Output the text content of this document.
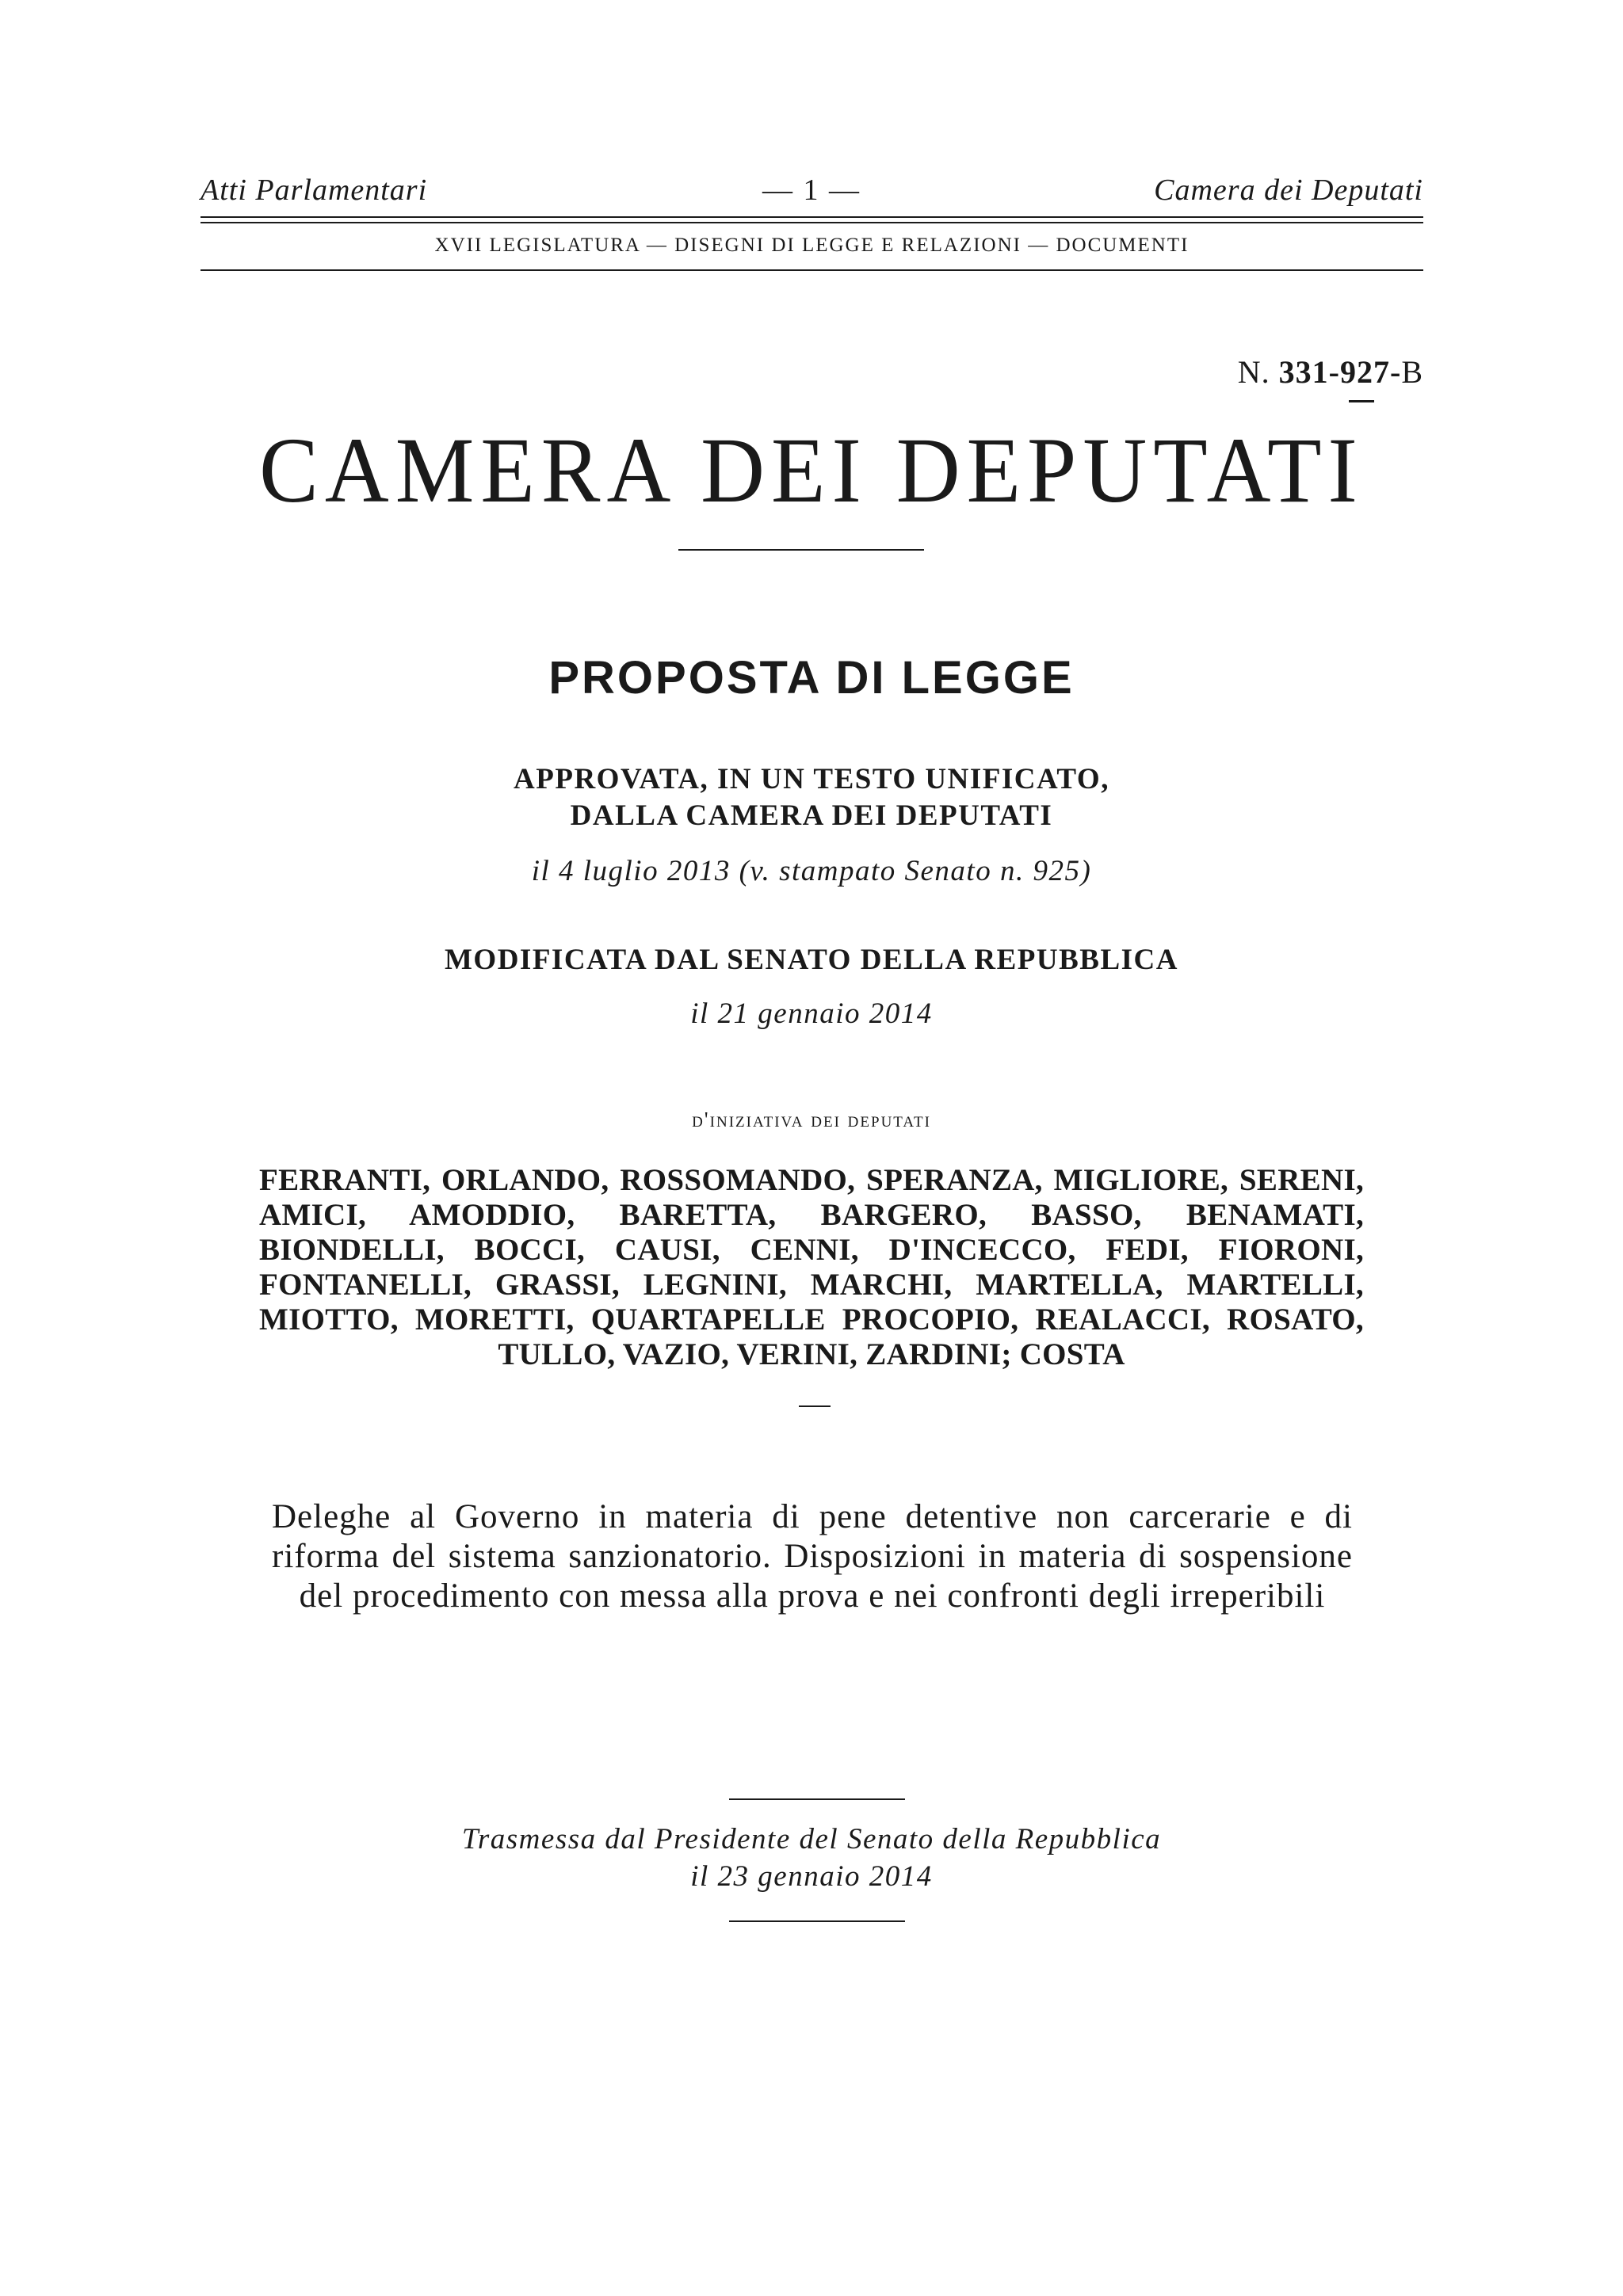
Atti Parlamentari	— 1 —	Camera dei Deputati
XVII LEGISLATURA — DISEGNI DI LEGGE E RELAZIONI — DOCUMENTI
N. 331-927-B
CAMERA DEI DEPUTATI
PROPOSTA DI LEGGE
APPROVATA, IN UN TESTO UNIFICATO,
DALLA CAMERA DEI DEPUTATI
il 4 luglio 2013 (v. stampato Senato n. 925)
MODIFICATA DAL SENATO DELLA REPUBBLICA
il 21 gennaio 2014
d'iniziativa dei deputati
FERRANTI, ORLANDO, ROSSOMANDO, SPERANZA, MIGLIORE, SERENI, AMICI, AMODDIO, BARETTA, BARGERO, BASSO, BENAMATI, BIONDELLI, BOCCI, CAUSI, CENNI, D'INCECCO, FEDI, FIORONI, FONTANELLI, GRASSI, LEGNINI, MARCHI, MARTELLA, MARTELLI, MIOTTO, MORETTI, QUARTAPELLE PROCOPIO, REALACCI, ROSATO, TULLO, VAZIO, VERINI, ZARDINI; COSTA
Deleghe al Governo in materia di pene detentive non carcerarie e di riforma del sistema sanzionatorio. Disposizioni in materia di sospensione del procedimento con messa alla prova e nei confronti degli irreperibili
Trasmessa dal Presidente del Senato della Repubblica
il 23 gennaio 2014
